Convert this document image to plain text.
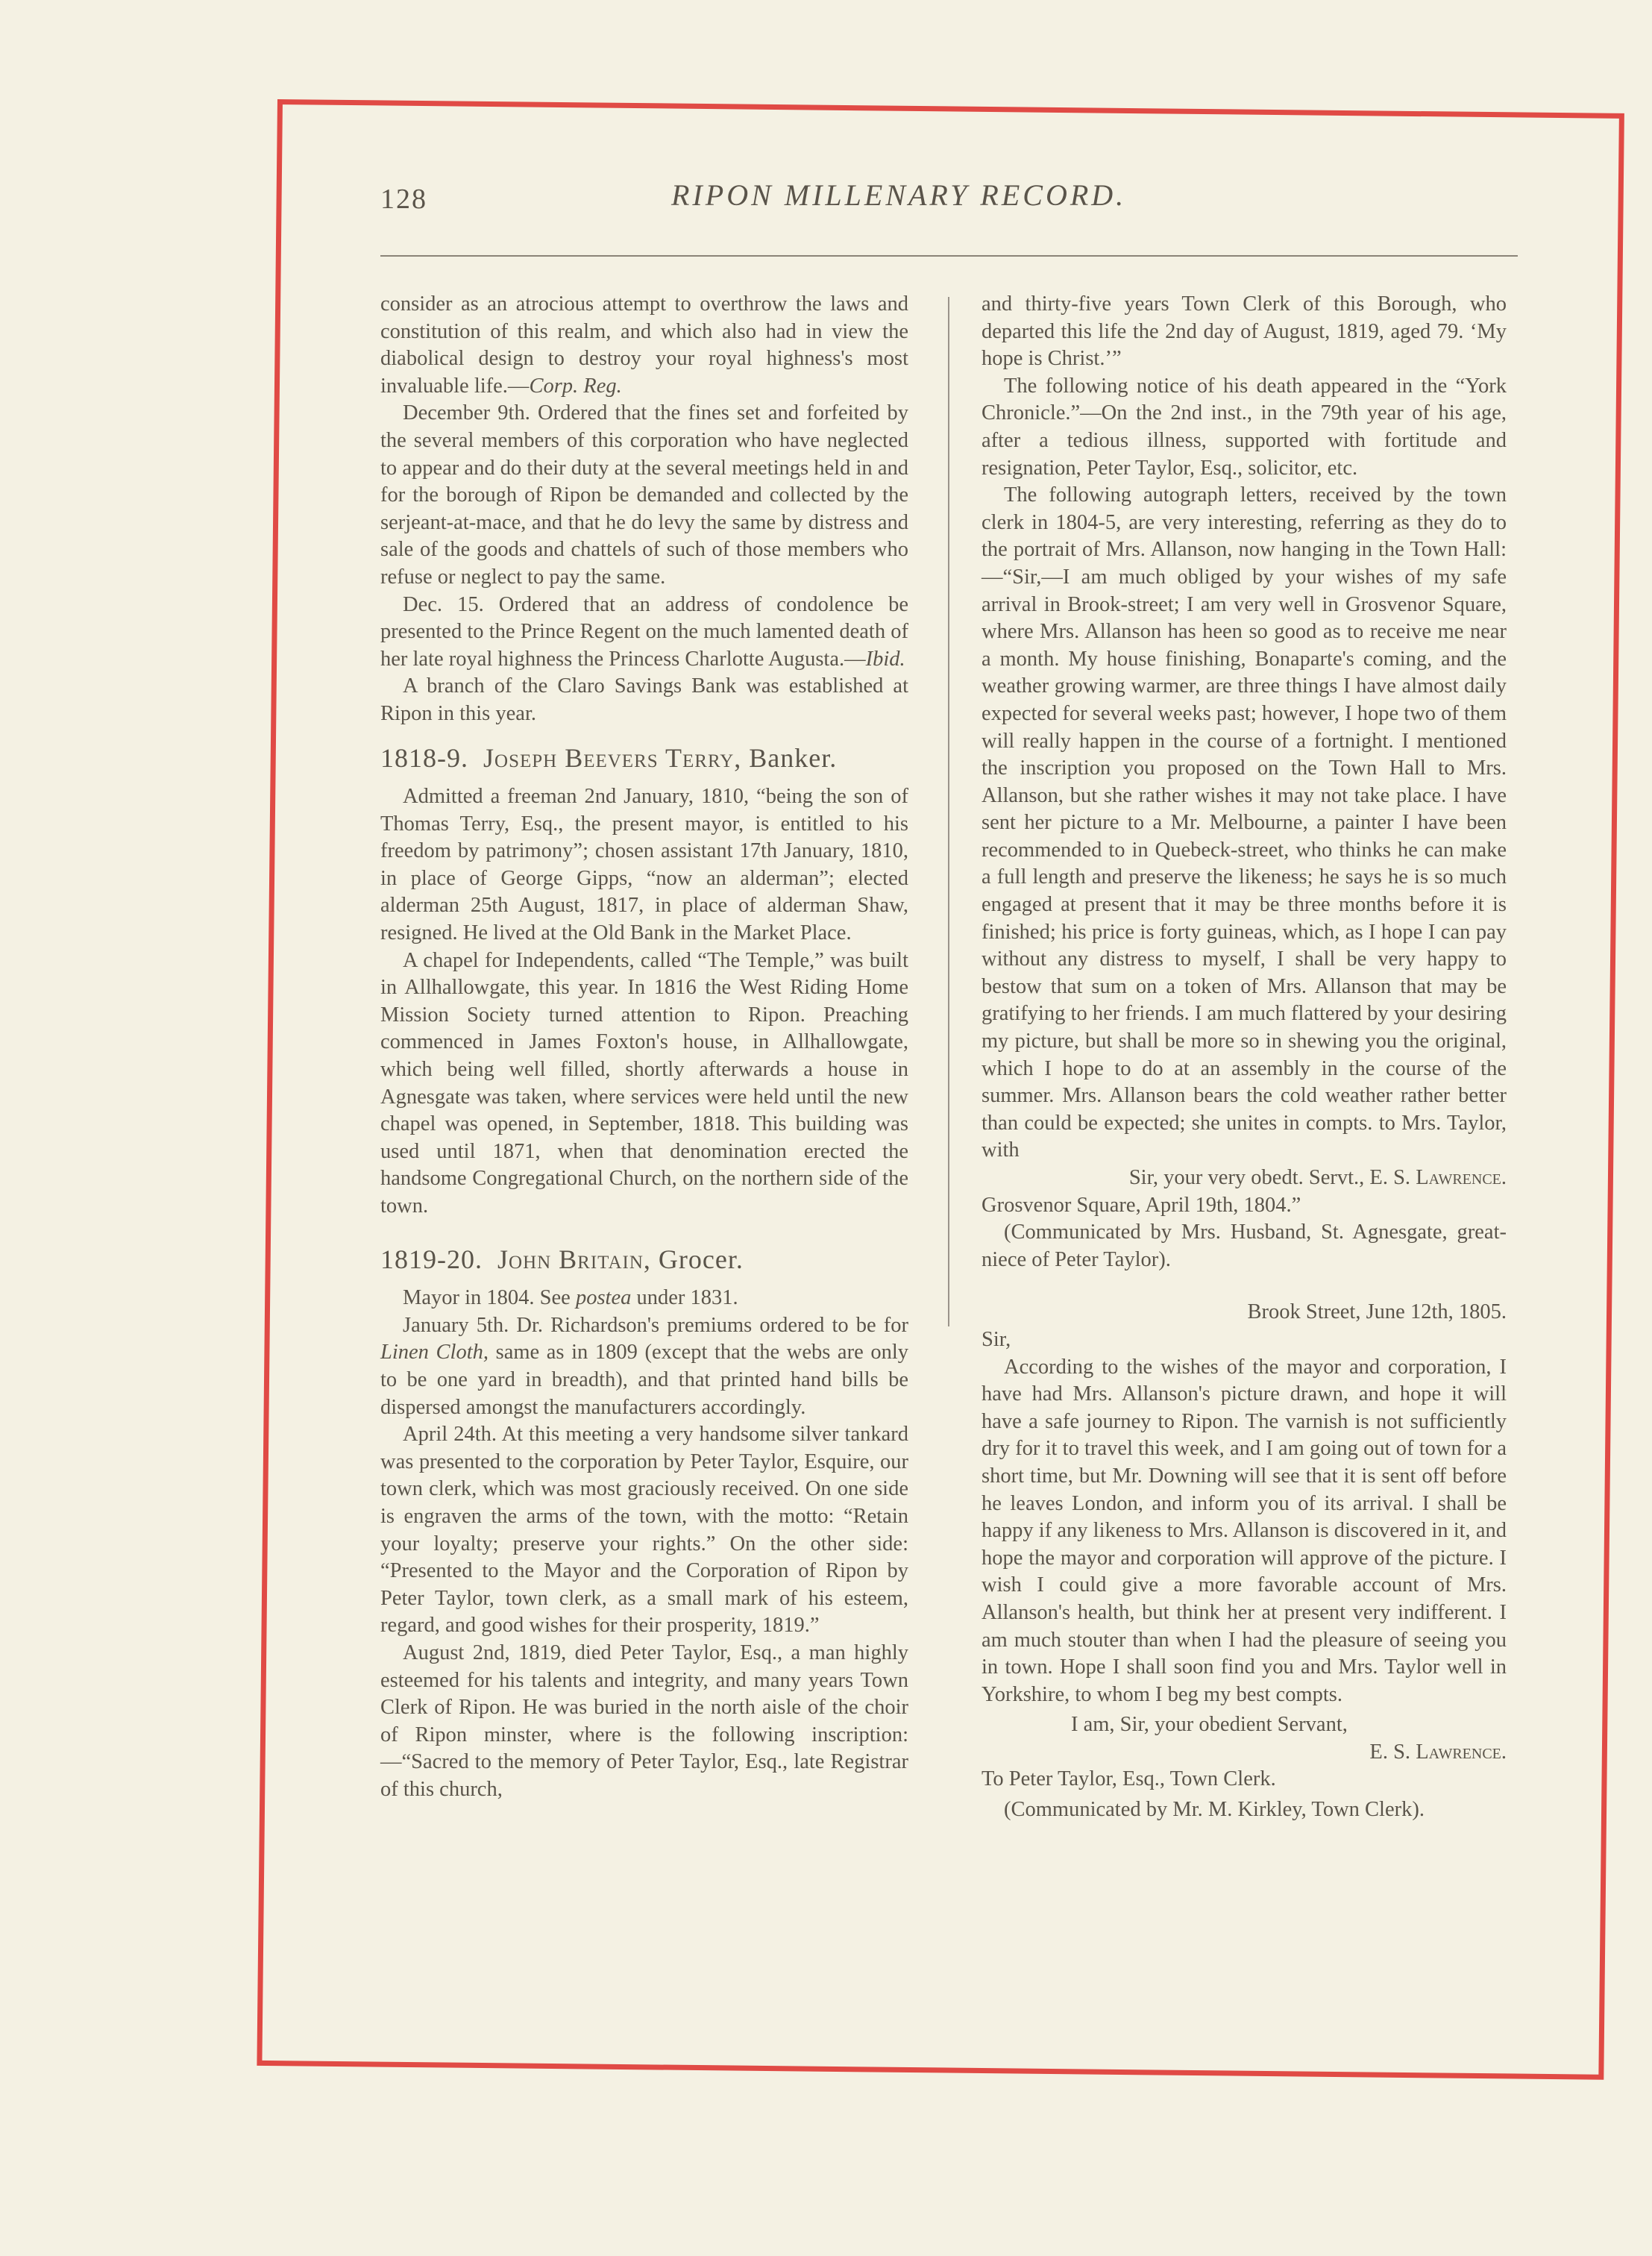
128	RIPON MILLENARY RECORD.

consider as an atrocious attempt to overthrow the laws and constitution of this realm, and which also had in view the diabolical design to destroy your royal highness's most invaluable life.—Corp. Reg.

December 9th. Ordered that the fines set and forfeited by the several members of this corporation who have neglected to appear and do their duty at the several meetings held in and for the borough of Ripon be demanded and collected by the serjeant-at-mace, and that he do levy the same by distress and sale of the goods and chattels of such of those members who refuse or neglect to pay the same.

Dec. 15. Ordered that an address of condolence be presented to the Prince Regent on the much lamented death of her late royal highness the Princess Charlotte Augusta.—Ibid.

A branch of the Claro Savings Bank was established at Ripon in this year.

1818-9. Joseph Beevers Terry, Banker.

Admitted a freeman 2nd January, 1810, “being the son of Thomas Terry, Esq., the present mayor, is entitled to his freedom by patrimony”; chosen assistant 17th January, 1810, in place of George Gipps, “now an alderman”; elected alderman 25th August, 1817, in place of alderman Shaw, resigned. He lived at the Old Bank in the Market Place.

A chapel for Independents, called “The Temple,” was built in Allhallowgate, this year. In 1816 the West Riding Home Mission Society turned attention to Ripon. Preaching commenced in James Foxton's house, in Allhallowgate, which being well filled, shortly afterwards a house in Agnesgate was taken, where services were held until the new chapel was opened, in September, 1818. This building was used until 1871, when that denomination erected the handsome Congregational Church, on the northern side of the town.

1819-20. John Britain, Grocer.

Mayor in 1804. See postea under 1831.

January 5th. Dr. Richardson's premiums ordered to be for Linen Cloth, same as in 1809 (except that the webs are only to be one yard in breadth), and that printed hand bills be dispersed amongst the manufacturers accordingly.

April 24th. At this meeting a very handsome silver tankard was presented to the corporation by Peter Taylor, Esquire, our town clerk, which was most graciously received. On one side is engraven the arms of the town, with the motto: “Retain your loyalty; preserve your rights.” On the other side: “Presented to the Mayor and the Corporation of Ripon by Peter Taylor, town clerk, as a small mark of his esteem, regard, and good wishes for their prosperity, 1819.”

August 2nd, 1819, died Peter Taylor, Esq., a man highly esteemed for his talents and integrity, and many years Town Clerk of Ripon. He was buried in the north aisle of the choir of Ripon minster, where is the following inscription:—“Sacred to the memory of Peter Taylor, Esq., late Registrar of this church,

and thirty-five years Town Clerk of this Borough, who departed this life the 2nd day of August, 1819, aged 79. ‘My hope is Christ.’”

The following notice of his death appeared in the “York Chronicle.”—On the 2nd inst., in the 79th year of his age, after a tedious illness, supported with fortitude and resignation, Peter Taylor, Esq., solicitor, etc.

The following autograph letters, received by the town clerk in 1804-5, are very interesting, referring as they do to the portrait of Mrs. Allanson, now hanging in the Town Hall:—“Sir,—I am much obliged by your wishes of my safe arrival in Brook-street; I am very well in Grosvenor Square, where Mrs. Allanson has heen so good as to receive me near a month. My house finishing, Bonaparte's coming, and the weather growing warmer, are three things I have almost daily expected for several weeks past; however, I hope two of them will really happen in the course of a fortnight. I mentioned the inscription you proposed on the Town Hall to Mrs. Allanson, but she rather wishes it may not take place. I have sent her picture to a Mr. Melbourne, a painter I have been recommended to in Quebeck-street, who thinks he can make a full length and preserve the likeness; he says he is so much engaged at present that it may be three months before it is finished; his price is forty guineas, which, as I hope I can pay without any distress to myself, I shall be very happy to bestow that sum on a token of Mrs. Allanson that may be gratifying to her friends. I am much flattered by your desiring my picture, but shall be more so in shewing you the original, which I hope to do at an assembly in the course of the summer. Mrs. Allanson bears the cold weather rather better than could be expected; she unites in compts. to Mrs. Taylor, with

Sir, your very obedt. Servt., E. S. Lawrence.

Grosvenor Square, April 19th, 1804.”

(Communicated by Mrs. Husband, St. Agnesgate, great-niece of Peter Taylor).

Brook Street, June 12th, 1805.

Sir,

According to the wishes of the mayor and corporation, I have had Mrs. Allanson's picture drawn, and hope it will have a safe journey to Ripon. The varnish is not sufficiently dry for it to travel this week, and I am going out of town for a short time, but Mr. Downing will see that it is sent off before he leaves London, and inform you of its arrival. I shall be happy if any likeness to Mrs. Allanson is discovered in it, and hope the mayor and corporation will approve of the picture. I wish I could give a more favorable account of Mrs. Allanson's health, but think her at present very indifferent. I am much stouter than when I had the pleasure of seeing you in town. Hope I shall soon find you and Mrs. Taylor well in Yorkshire, to whom I beg my best compts.

I am, Sir, your obedient Servant,

E. S. Lawrence.

To Peter Taylor, Esq., Town Clerk.

(Communicated by Mr. M. Kirkley, Town Clerk).
